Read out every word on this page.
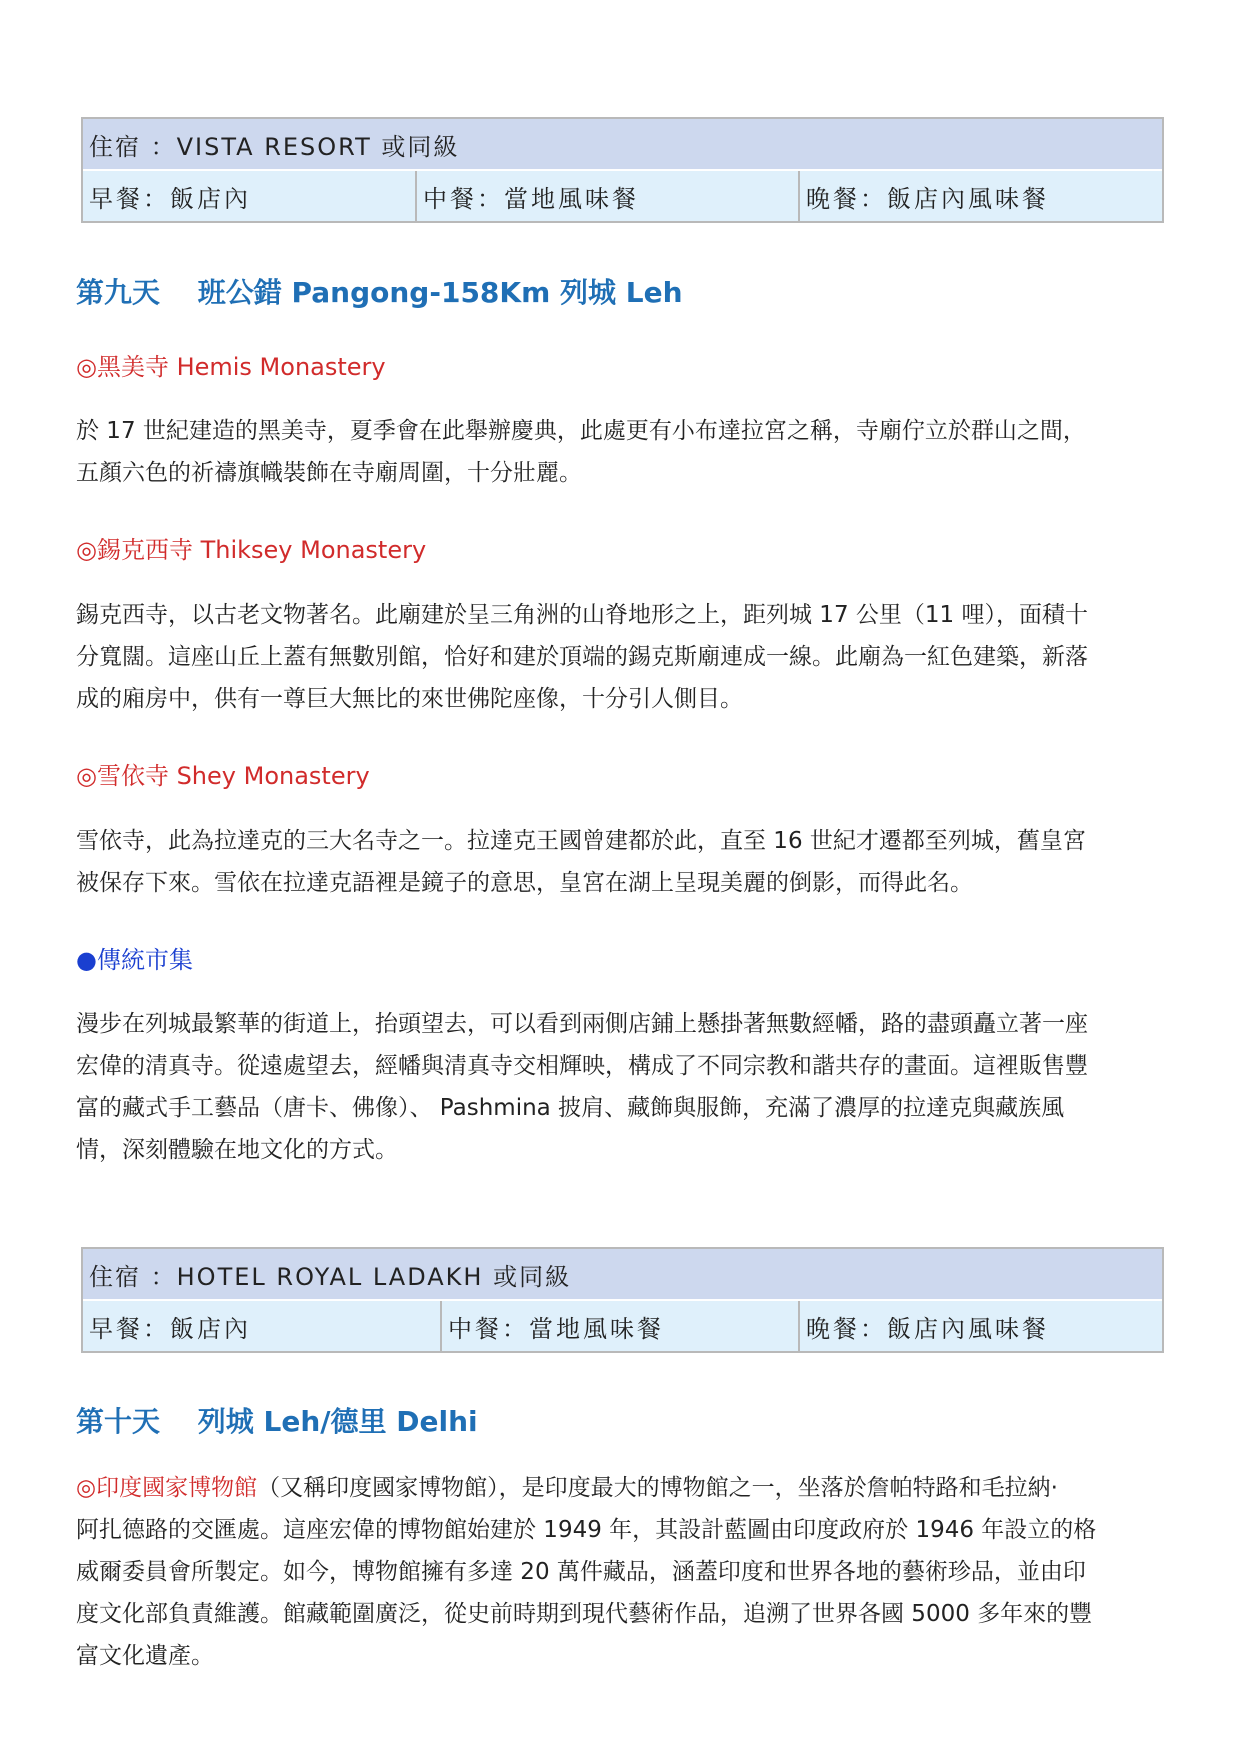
住宿 ：VISTA RESORT 或同級
早餐：飯店內	中餐：當地風味餐	晚餐：飯店內風味餐
第九天　 班公錯 Pangong-158Km 列城 Leh
◎黑美寺 Hemis Monastery

於 17 世紀建造的黑美寺，夏季會在此舉辦慶典，此處更有小布達拉宮之稱，寺廟佇立於群山之間，
五顏六色的祈禱旗幟裝飾在寺廟周圍，十分壯麗。

◎錫克西寺 Thiksey Monastery

錫克西寺，以古老文物著名。此廟建於呈三角洲的山脊地形之上，距列城 17 公里（11 哩），面積十
分寬闊。這座山丘上蓋有無數別館，恰好和建於頂端的錫克斯廟連成一線。此廟為一紅色建築，新落
成的廂房中，供有一尊巨大無比的來世佛陀座像，十分引人側目。

◎雪依寺 Shey Monastery

雪依寺，此為拉達克的三大名寺之一。拉達克王國曾建都於此，直至 16 世紀才遷都至列城，舊皇宮
被保存下來。雪依在拉達克語裡是鏡子的意思，皇宮在湖上呈現美麗的倒影，而得此名。

●傳統市集

漫步在列城最繁華的街道上，抬頭望去，可以看到兩側店鋪上懸掛著無數經幡，路的盡頭矗立著一座
宏偉的清真寺。從遠處望去，經幡與清真寺交相輝映，構成了不同宗教和諧共存的畫面。這裡販售豐
富的藏式手工藝品（唐卡、佛像）、 Pashmina 披肩、藏飾與服飾，充滿了濃厚的拉達克與藏族風
情，深刻體驗在地文化的方式。

住宿 ：HOTEL ROYAL LADAKH 或同級
早餐：飯店內	中餐：當地風味餐	晚餐：飯店內風味餐
第十天　 列城 Leh/德里 Delhi

◎印度國家博物館（又稱印度國家博物館），是印度最大的博物館之一，坐落於詹帕特路和毛拉納·
阿扎德路的交匯處。這座宏偉的博物館始建於 1949 年，其設計藍圖由印度政府於 1946 年設立的格
威爾委員會所製定。如今，博物館擁有多達 20 萬件藏品，涵蓋印度和世界各地的藝術珍品，並由印
度文化部負責維護。館藏範圍廣泛，從史前時期到現代藝術作品，追溯了世界各國 5000 多年來的豐
富文化遺產。
